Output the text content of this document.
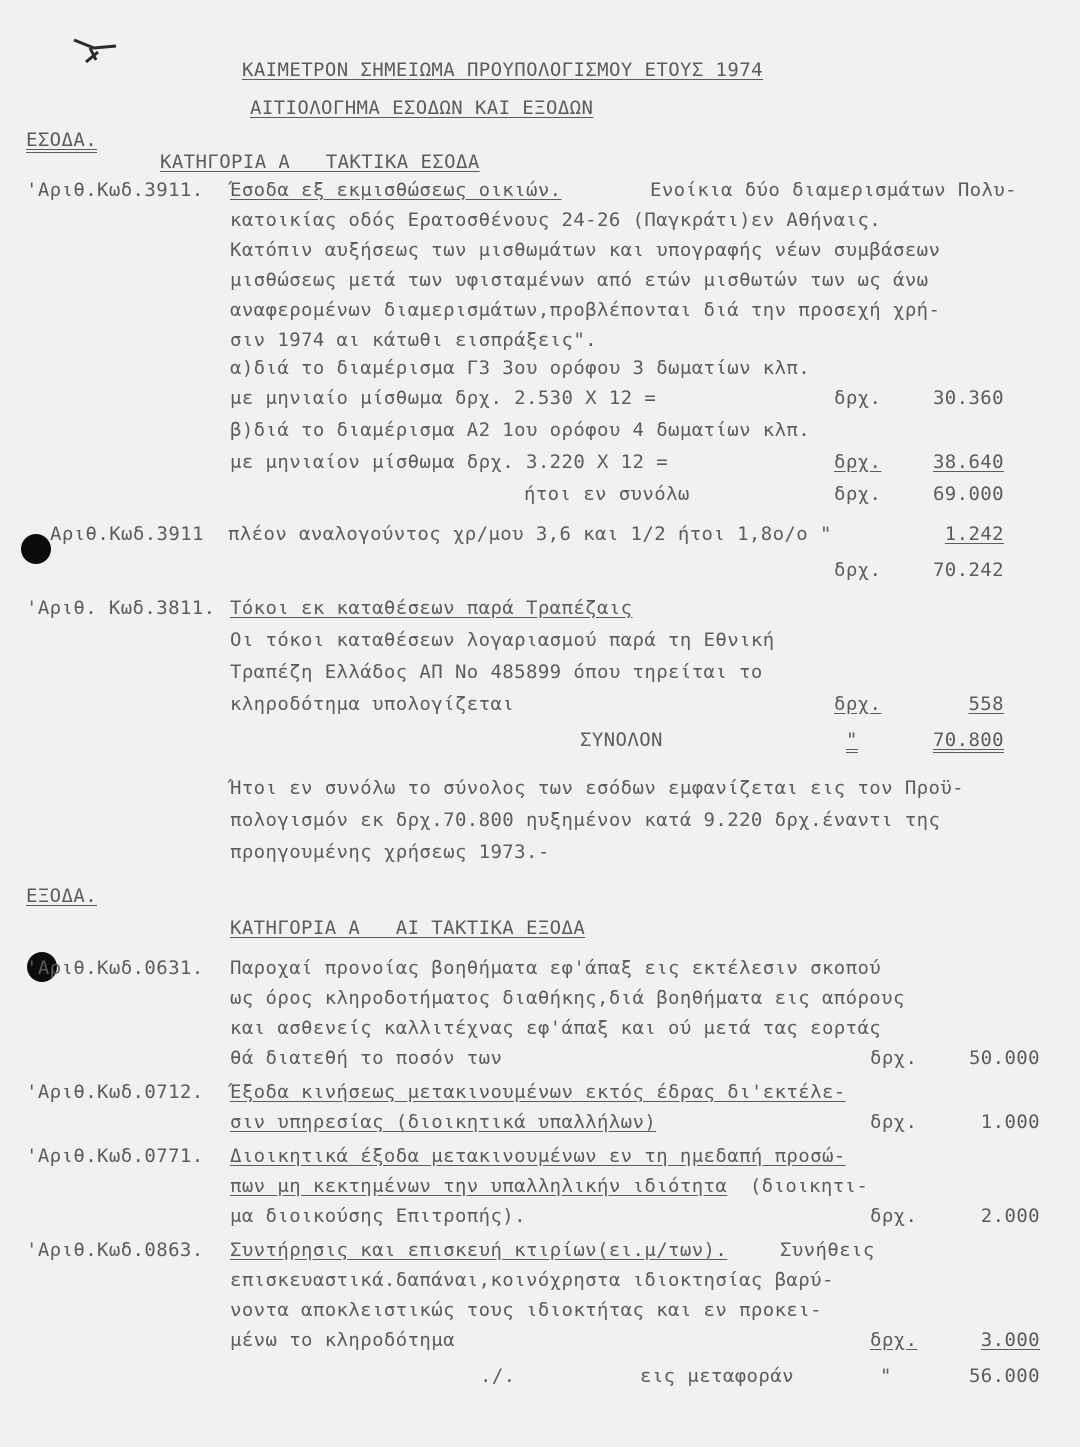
ΚΑΙΜΕΤΡΟΝ ΣΗΜΕΙΩΜΑ ΠΡΟΥΠΟΛΟΓΙΣΜΟΥ ΕΤΟΥΣ 1974
ΑΙΤΙΟΛΟΓΗΜΑ ΕΣΟΔΩΝ ΚΑΙ ΕΞΟΔΩΝ
ΕΣΟΔΑ.
ΚΑΤΗΓΟΡΙΑ Α   ΤΑΚΤΙΚΑ ΕΣΟΔΑ
'Αριθ.Κωδ.3911. Έσοδα εξ εκμισθώσεως οικιών.	Ενοίκια δύο διαμερισμάτων Πολυ-
κατοικίας οδός Ερατοσθένους 24-26 (Παγκράτι)εν Αθήναις.
Κατόπιν αυξήσεως των μισθωμάτων και υπογραφής νέων συμβάσεων
μισθώσεως μετά των υφισταμένων από ετών μισθωτών των ως άνω
αναφερομένων διαμερισμάτων,προβλέπονται διά την προσεχή χρή-
σιν 1974 αι κάτωθι εισπράξεις".
α)διά το διαμέρισμα Γ3 3ου ορόφου 3 δωματίων κλπ.
με μηνιαίο μίσθωμα δρχ. 2.530 Χ 12 =	δρχ.	30.360
β)διά το διαμέρισμα Α2 1ου ορόφου 4 δωματίων κλπ.
με μηνιαίον μίσθωμα δρχ. 3.220 Χ 12 =	δρχ.	38.640
ήτοι εν συνόλω	δρχ.	69.000
Αριθ.Κωδ.3911 πλέον αναλογούντος χρ/μου 3,6 και 1/2 ήτοι 1,8ο/ο "	1.242
δρχ.	70.242
'Αριθ. Κωδ.3811. Τόκοι εκ καταθέσεων παρά Τραπέζαις
Οι τόκοι καταθέσεων λογαριασμού παρά τη Εθνική
Τραπέζη Ελλάδος ΑΠ Νο 485899 όπου τηρείται το
κληροδότημα υπολογίζεται	δρχ.	558
ΣΥΝΟΛΟΝ	"	70.800
Ήτοι εν συνόλω το σύνολος των εσόδων εμφανίζεται εις τον Προϋ-
πολογισμόν εκ δρχ.70.800 ηυξημένον κατά 9.220 δρχ.έναντι της
προηγουμένης χρήσεως 1973.-
ΕΞΟΔΑ.
ΚΑΤΗΓΟΡΙΑ Α   ΑΙ ΤΑΚΤΙΚΑ ΕΞΟΔΑ
'Αριθ.Κωδ.0631. Παροχαί προνοίας βοηθήματα εφ'άπαξ εις εκτέλεσιν σκοπού
ως όρος κληροδοτήματος διαθήκης,διά βοηθήματα εις απόρους
και ασθενείς καλλιτέχνας εφ'άπαξ και ού μετά τας εορτάς
θά διατεθή το ποσόν των	δρχ.	50.000
'Αριθ.Κωδ.0712. Έξοδα κινήσεως μετακινουμένων εκτός έδρας δι'εκτέλε-
σιν υπηρεσίας (διοικητικά υπαλλήλων)	δρχ.	1.000
'Αριθ.Κωδ.0771. Διοικητικά έξοδα μετακινουμένων εν τη ημεδαπή προσώ-
πων μη κεκτημένων την υπαλληλικήν ιδιότητα (διοικητι-
μα διοικούσης Επιτροπής).	δρχ.	2.000
'Αριθ.Κωδ.0863. Συντήρησις και επισκευή κτιρίων(ει.μ/των).	Συνήθεις
επισκευαστικά.δαπάναι,κοινόχρηστα ιδιοκτησίας βαρύ-
νοντα αποκλειστικώς τους ιδιοκτήτας και εν προκει-
μένω το κληροδότημα	δρχ.	3.000
./.	εις μεταφοράν	"	56.000
